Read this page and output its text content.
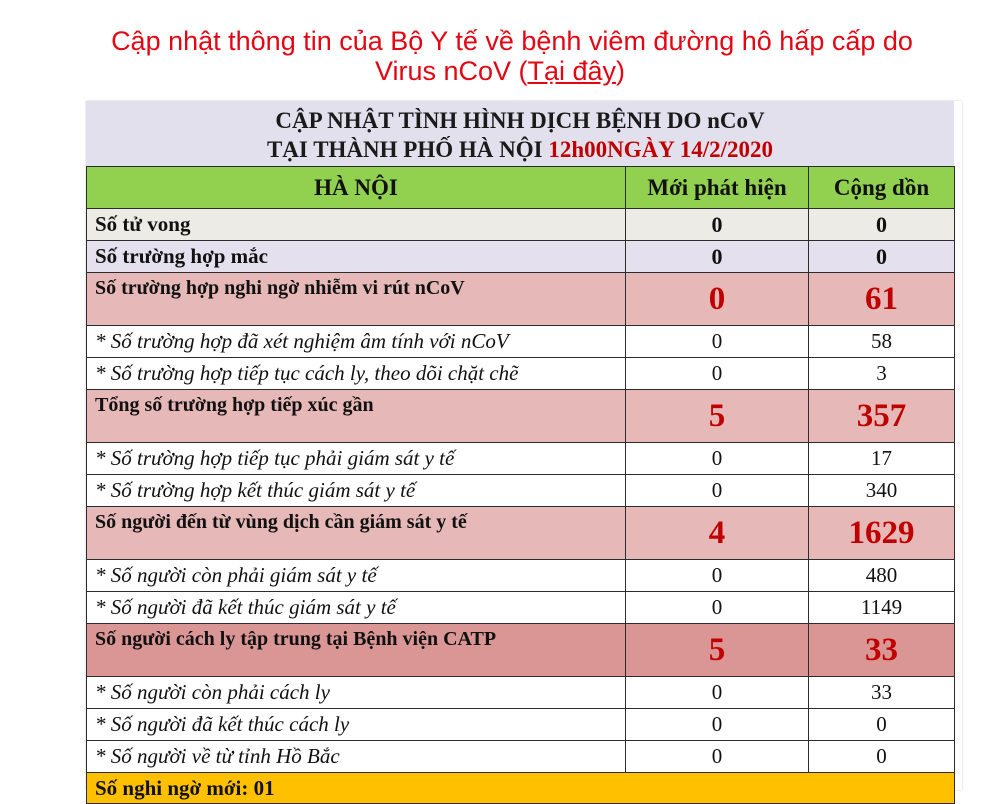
Cập nhật thông tin của Bộ Y tế về bệnh viêm đường hô hấp cấp do
Virus nCoV (Tại đây)
CẬP NHẬT TÌNH HÌNH DỊCH BỆNH DO nCoV
TẠI THÀNH PHỐ HÀ NỘI 12h00NGÀY 14/2/2020
HÀ NỘI	Mới phát hiện	Cộng dồn
Số tử vong	0	0
Số trường hợp mắc	0	0
Số trường hợp nghi ngờ nhiễm vi rút nCoV	0	61
* Số trường hợp đã xét nghiệm âm tính với nCoV	0	58
* Số trường hợp tiếp tục cách ly, theo dõi chặt chẽ	0	3
Tổng số trường hợp tiếp xúc gần	5	357
* Số trường hợp tiếp tục phải giám sát y tế	0	17
* Số trường hợp kết thúc giám sát y tế	0	340
Số người đến từ vùng dịch cần giám sát y tế	4	1629
* Số người còn phải giám sát y tế	0	480
* Số người đã kết thúc giám sát y tế	0	1149
Số người cách ly tập trung tại Bệnh viện CATP	5	33
* Số người còn phải cách ly	0	33
* Số người đã kết thúc cách ly	0	0
* Số người về từ tỉnh Hồ Bắc	0	0
Số nghi ngờ mới: 01		
